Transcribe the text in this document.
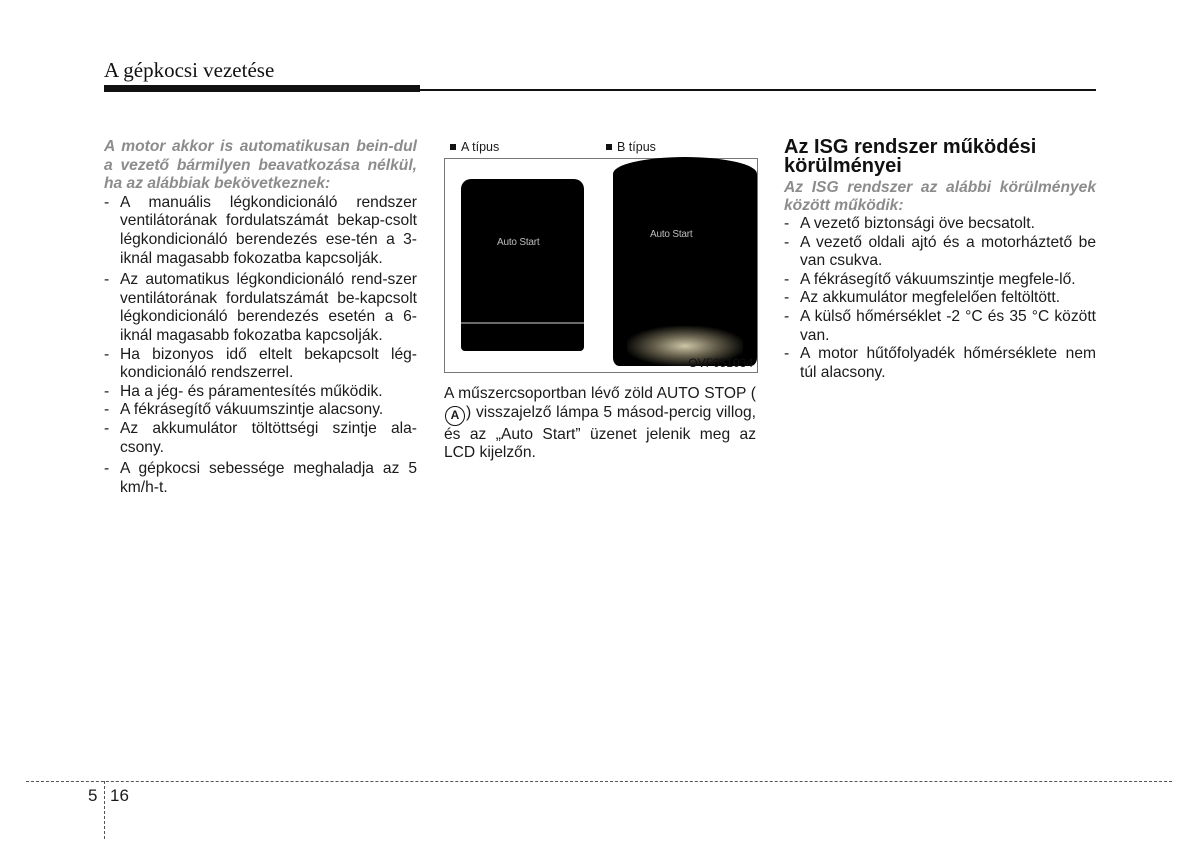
A gépkocsi vezetése
A motor akkor is automatikusan bein-dul a vezető bármilyen beavatkozása nélkül, ha az alábbiak bekövetkeznek:
- A manuális légkondicionáló rendszer ventilátorának fordulatszámát bekap-csolt légkondicionáló berendezés ese-tén a 3-iknál magasabb fokozatba kapcsolják.
- Az automatikus légkondicionáló rend-szer ventilátorának fordulatszámát be-kapcsolt légkondicionáló berendezés esetén a 6-iknál magasabb fokozatba kapcsolják.
- Ha bizonyos idő eltelt bekapcsolt lég-kondicionáló rendszerrel.
- Ha a jég- és páramentesítés működik.
- A fékrásegítő vákuumszintje alacsony.
- Az akkumulátor töltöttségi szintje ala-csony.
- A gépkocsi sebessége meghaladja az 5 km/h-t.
A típus	B típus
Auto Start
Auto Start
OVF051034
A műszercsoportban lévő zöld AUTO STOP (A ) visszajelző lámpa 5 másod-percig villog, és az „Auto Start” üzenet jelenik meg az LCD kijelzőn.
Az ISG rendszer működési körülményei
Az ISG rendszer az alábbi körülmények között működik:
- A vezető biztonsági öve becsatolt.
- A vezető oldali ajtó és a motorháztető be van csukva.
- A fékrásegítő vákuumszintje megfele-lő.
- Az akkumulátor megfelelően feltöltött.
- A külső hőmérséklet -2 °C és 35 °C között van.
- A motor hűtőfolyadék hőmérséklete nem túl alacsony.
5 16
